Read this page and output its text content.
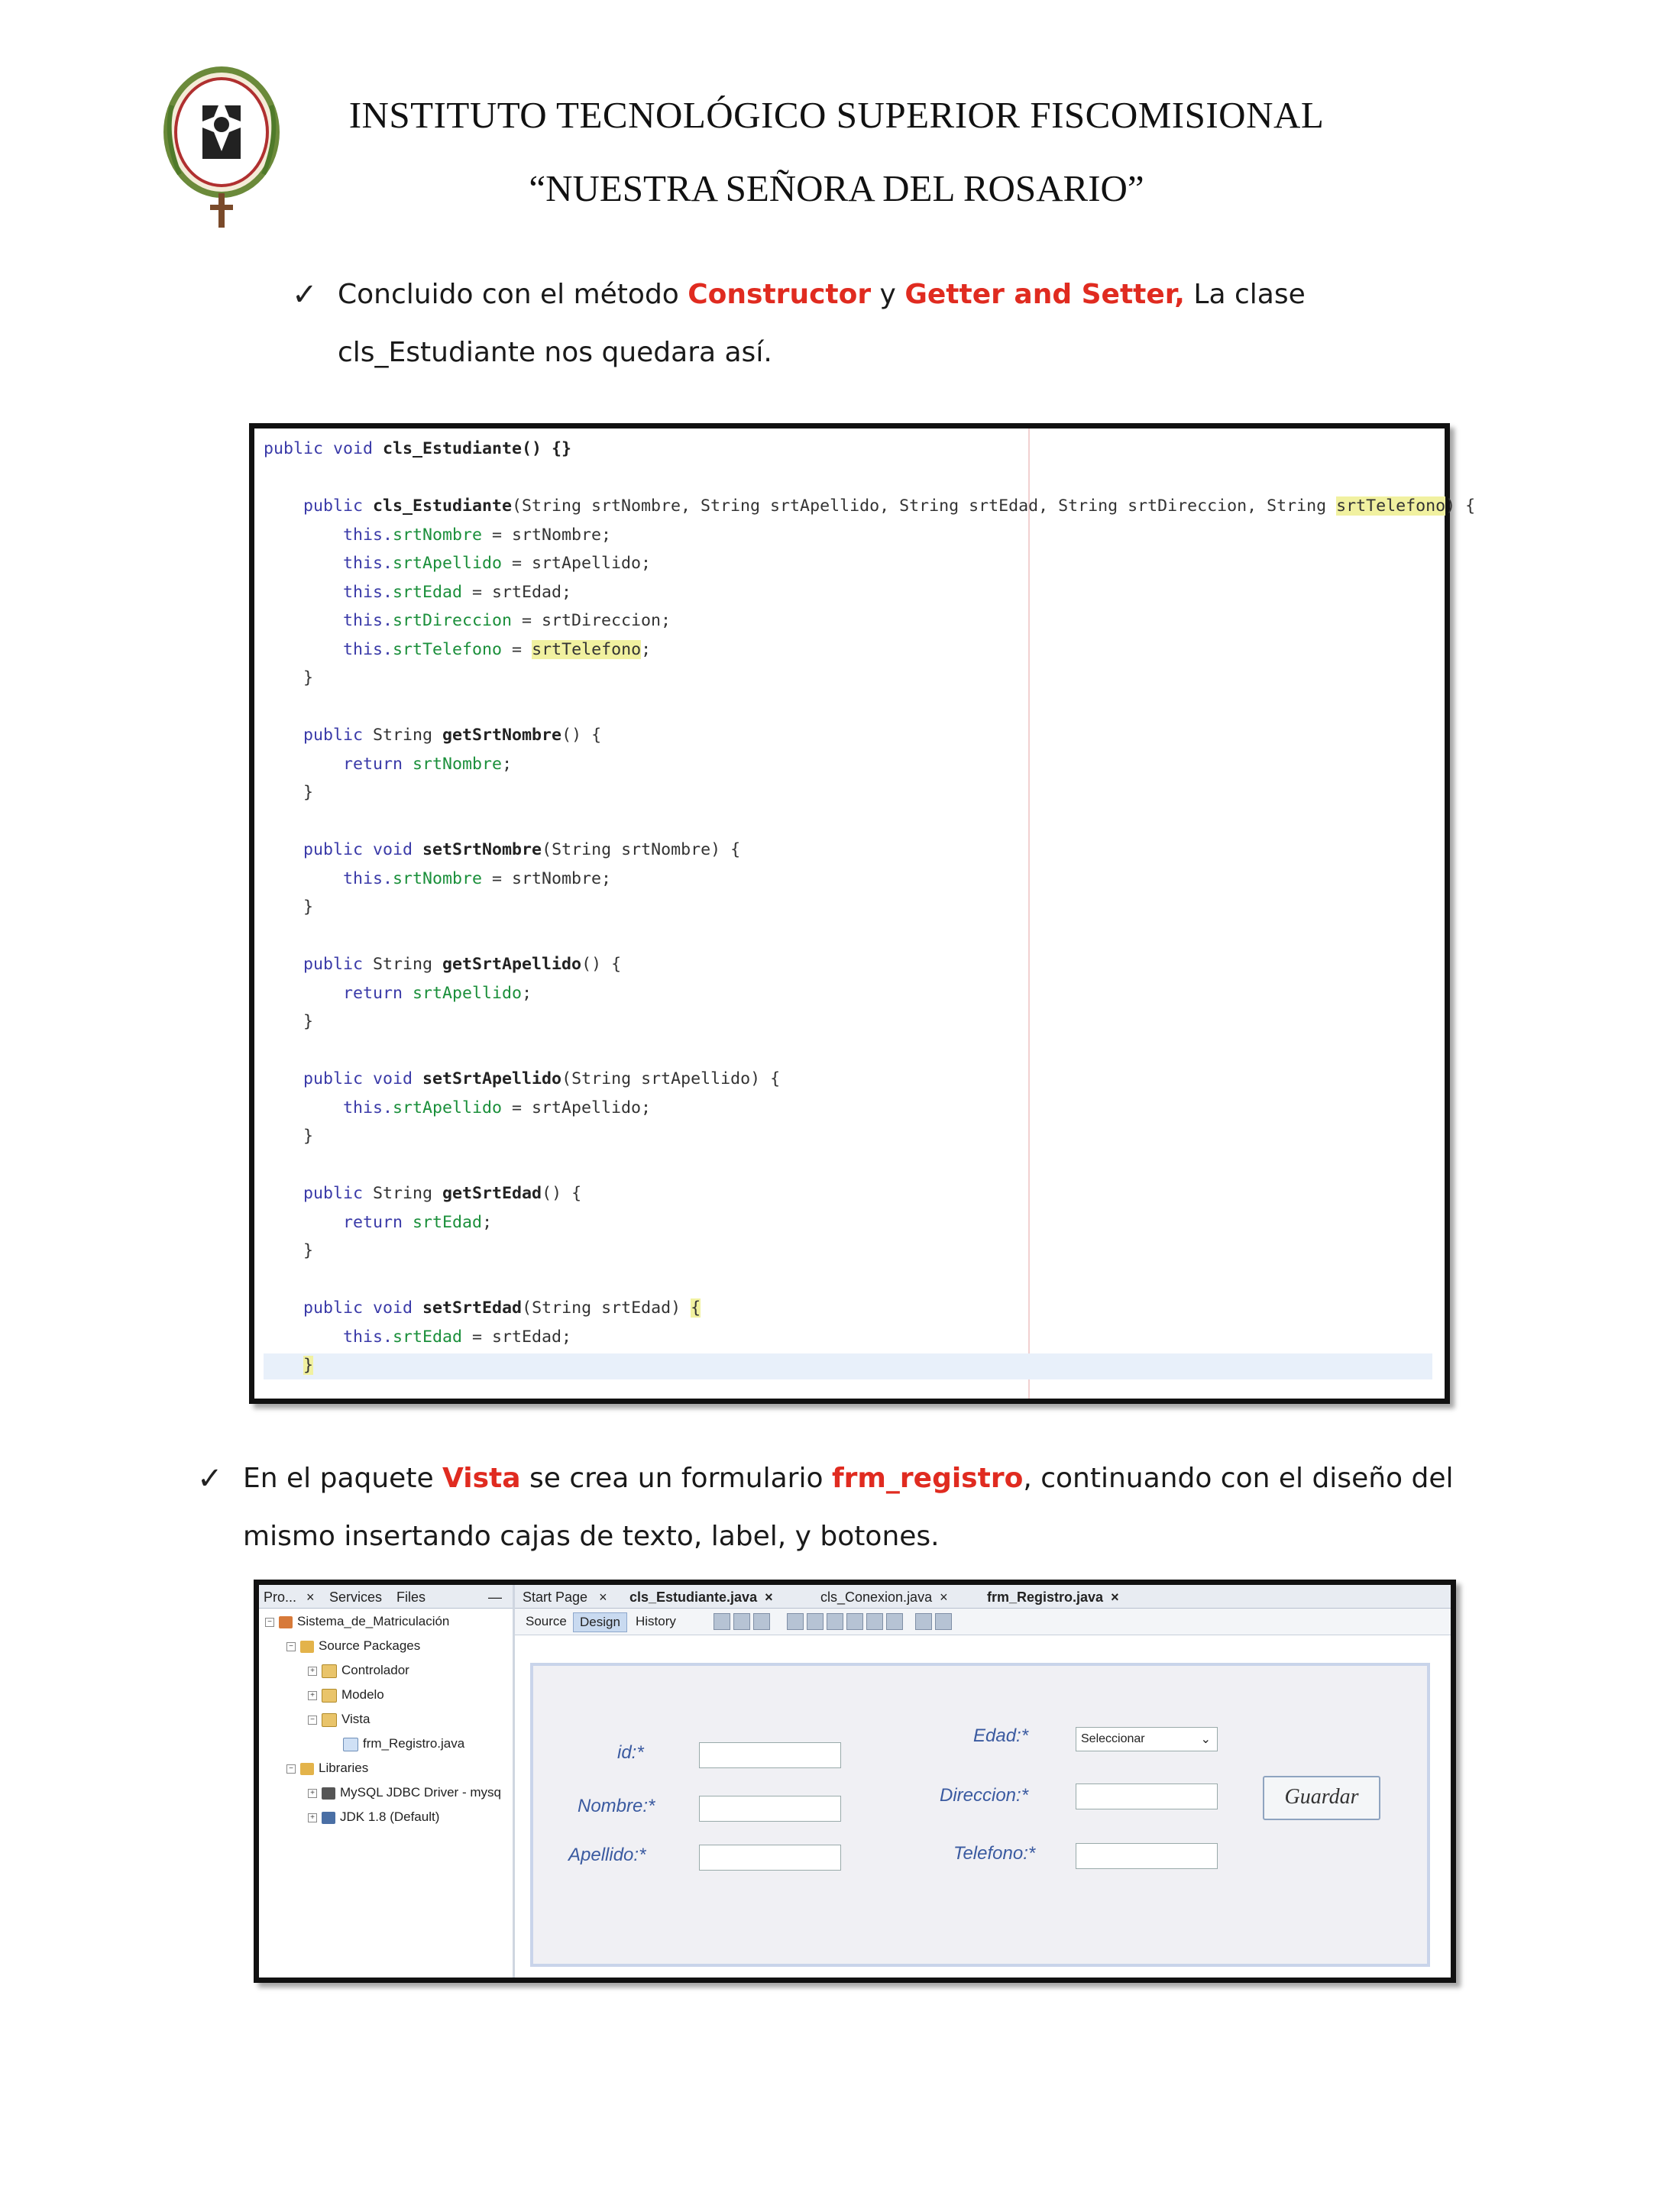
INSTITUTO TECNOLÓGICO SUPERIOR FISCOMISIONAL
“NUESTRA SEÑORA DEL ROSARIO”
✓ Concluido con el método Constructor y Getter and Setter, La clase
cls_Estudiante nos quedara así.
public void cls_Estudiante() {}

public cls_Estudiante(String srtNombre, String srtApellido, String srtEdad, String srtDireccion, String srtTelefono) {
this.srtNombre = srtNombre;
this.srtApellido = srtApellido;
this.srtEdad = srtEdad;
this.srtDireccion = srtDireccion;
this.srtTelefono = srtTelefono;
}

public String getSrtNombre() {
return srtNombre;
}

public void setSrtNombre(String srtNombre) {
this.srtNombre = srtNombre;
}

public String getSrtApellido() {
return srtApellido;
}

public void setSrtApellido(String srtApellido) {
this.srtApellido = srtApellido;
}

public String getSrtEdad() {
return srtEdad;
}

public void setSrtEdad(String srtEdad) {
this.srtEdad = srtEdad;
}
✓ En el paquete Vista se crea un formulario frm_registro, continuando con el diseño del
mismo insertando cajas de texto, label, y botones.
Pro... × Services Files	—
− Sistema_de_Matriculación
− Source Packages
+ Controlador
+ Modelo
− Vista
frm_Registro.java
− Libraries
+ MySQL JDBC Driver - mysq
+ JDK 1.8 (Default)
Start Page × cls_Estudiante.java ×	cls_Conexion.java ×	frm_Registro.java ×
Source	Design	History
id:*
Nombre:*
Apellido:*
Edad:*	Seleccionar	⌄
Direccion:*
Telefono:*
Guardar
